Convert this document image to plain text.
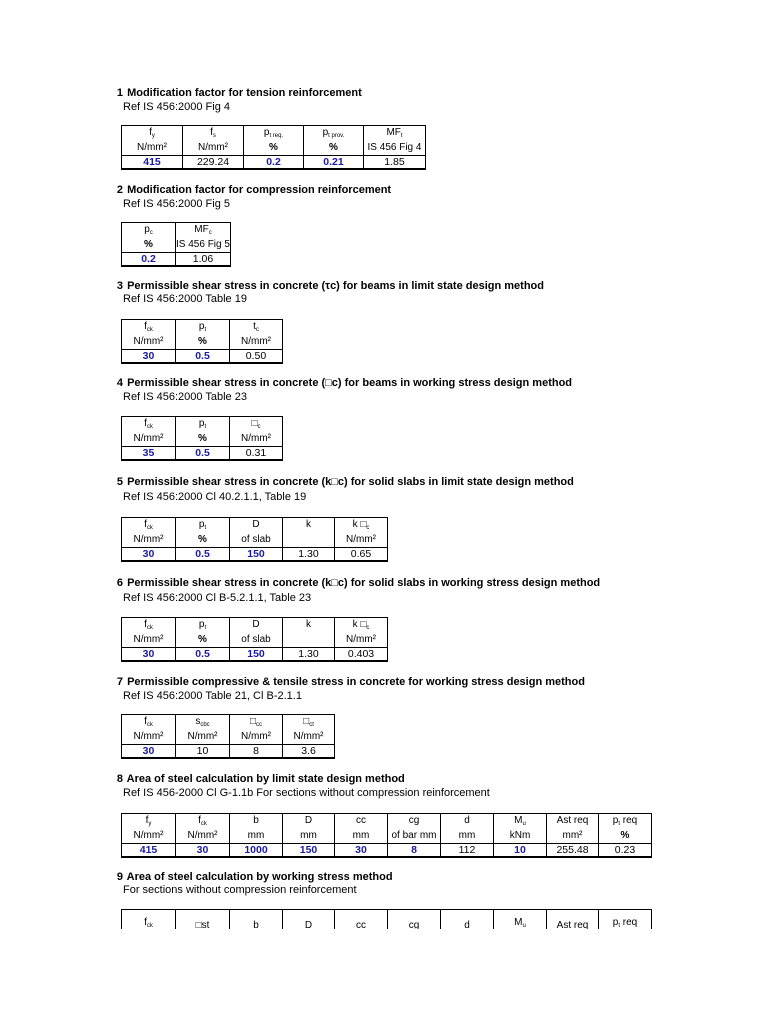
1 Modification factor for tension reinforcement
Ref IS 456:2000 Fig 4
$f_y$	$f_s$	$p_{t req.}$	$p_{t prov.}$	$MF_t$
N/mm²	N/mm²	%	%	IS 456 Fig 4
415	229.24	0.2	0.21	1.85
2 Modification factor for compression reinforcement
Ref IS 456:2000 Fig 5
$p_c$	$MF_c$
%	IS 456 Fig 5
0.2	1.06
3 Permissible shear stress in concrete (τc) for beams in limit state design method
Ref IS 456:2000 Table 19
$f_{ck}$	$p_t$	$t_c$
N/mm²	%	N/mm²
30	0.5	0.50
4 Permissible shear stress in concrete (□c) for beams in working stress design method
Ref IS 456:2000 Table 23
$f_{ck}$	$p_t$	$□_c$
N/mm²	%	N/mm²
35	0.5	0.31
5 Permissible shear stress in concrete (k□c) for solid slabs in limit state design method
Ref IS 456:2000 Cl 40.2.1.1, Table 19
$f_{ck}$	$p_t$	D	k	k $□_c$
N/mm²	%	of slab		N/mm²
30	0.5	150	1.30	0.65
6 Permissible shear stress in concrete (k□c) for solid slabs in working stress design method
Ref IS 456:2000 Cl B-5.2.1.1, Table 23
$f_{ck}$	$p_t$	D	k	k $□_c$
N/mm²	%	of slab		N/mm²
30	0.5	150	1.30	0.403
7 Permissible compressive & tensile stress in concrete for working stress design method
Ref IS 456:2000 Table 21, Cl B-2.1.1
$f_{ck}$	$s_{cbc}$	$□_{cc}$	$□_{ct}$
N/mm²	N/mm²	N/mm²	N/mm²
30	10	8	3.6
8 Area of steel calculation by limit state design method
Ref IS 456-2000 Cl G-1.1b For sections without compression reinforcement
$f_y$	$f_{ck}$	b	D	cc	cg	d	$M_u$	Ast req	$p_t$ req
N/mm²	N/mm²	mm	mm	mm	of bar mm	mm	kNm	mm²	%
415	30	1000	150	30	8	112	10	255.48	0.23
9 Area of steel calculation by working stress method
For sections without compression reinforcement
$f_{ck}$	□st	b	D	cc	cg	d	$M_u$	Ast req	$p_t$ req
